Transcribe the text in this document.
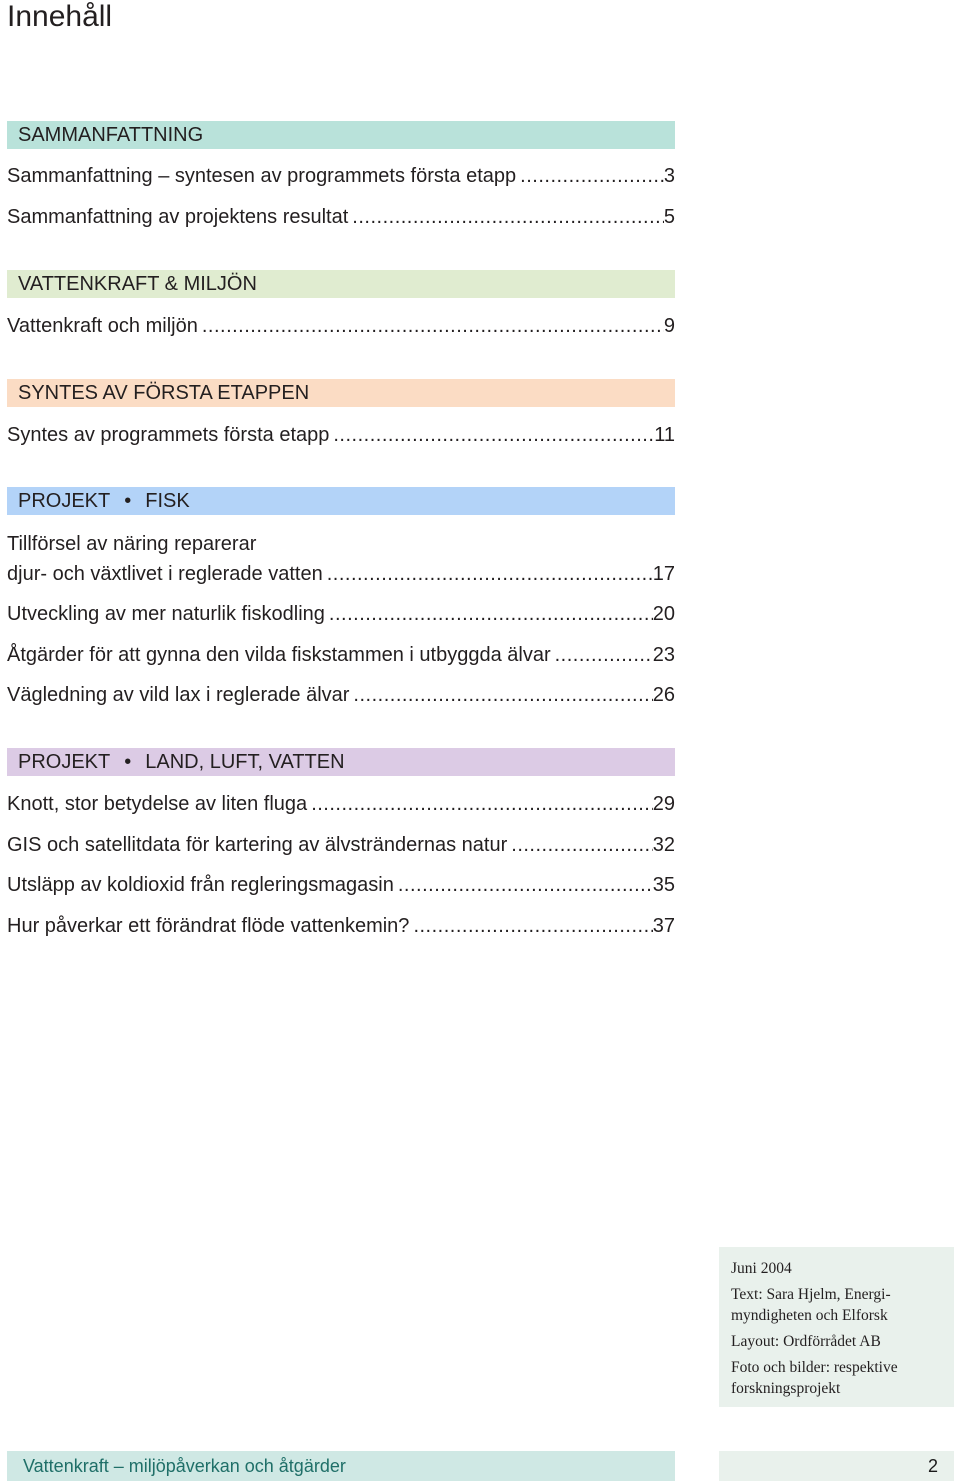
Innehåll
SAMMANFATTNING
Sammanfattning – syntesen av programmets första etapp .....	3
Sammanfattning av projektens resultat .....	5
VATTENKRAFT & MILJÖN
Vattenkraft och miljön .....	9
SYNTES AV FÖRSTA ETAPPEN
Syntes av programmets första etapp .....	11
PROJEKT • FISK
Tillförsel av näring reparerar
djur- och växtlivet i reglerade vatten .....	17
Utveckling av mer naturlik fiskodling .....	20
Åtgärder för att gynna den vilda fiskstammen i utbyggda älvar .....	23
Vägledning av vild lax i reglerade älvar .....	26
PROJEKT • LAND, LUFT, VATTEN
Knott, stor betydelse av liten fluga .....	29
GIS och satellitdata för kartering av älvsträndernas natur .....	32
Utsläpp av koldioxid från regleringsmagasin .....	35
Hur påverkar ett förändrat flöde vattenkemin? .....	37

Juni 2004

Text: Sara Hjelm, Energi-
myndigheten och Elforsk

Layout: Ordförrådet AB

Foto och bilder: respektive
forskningsprojekt

Vattenkraft – miljöpåverkan och åtgärder	2
